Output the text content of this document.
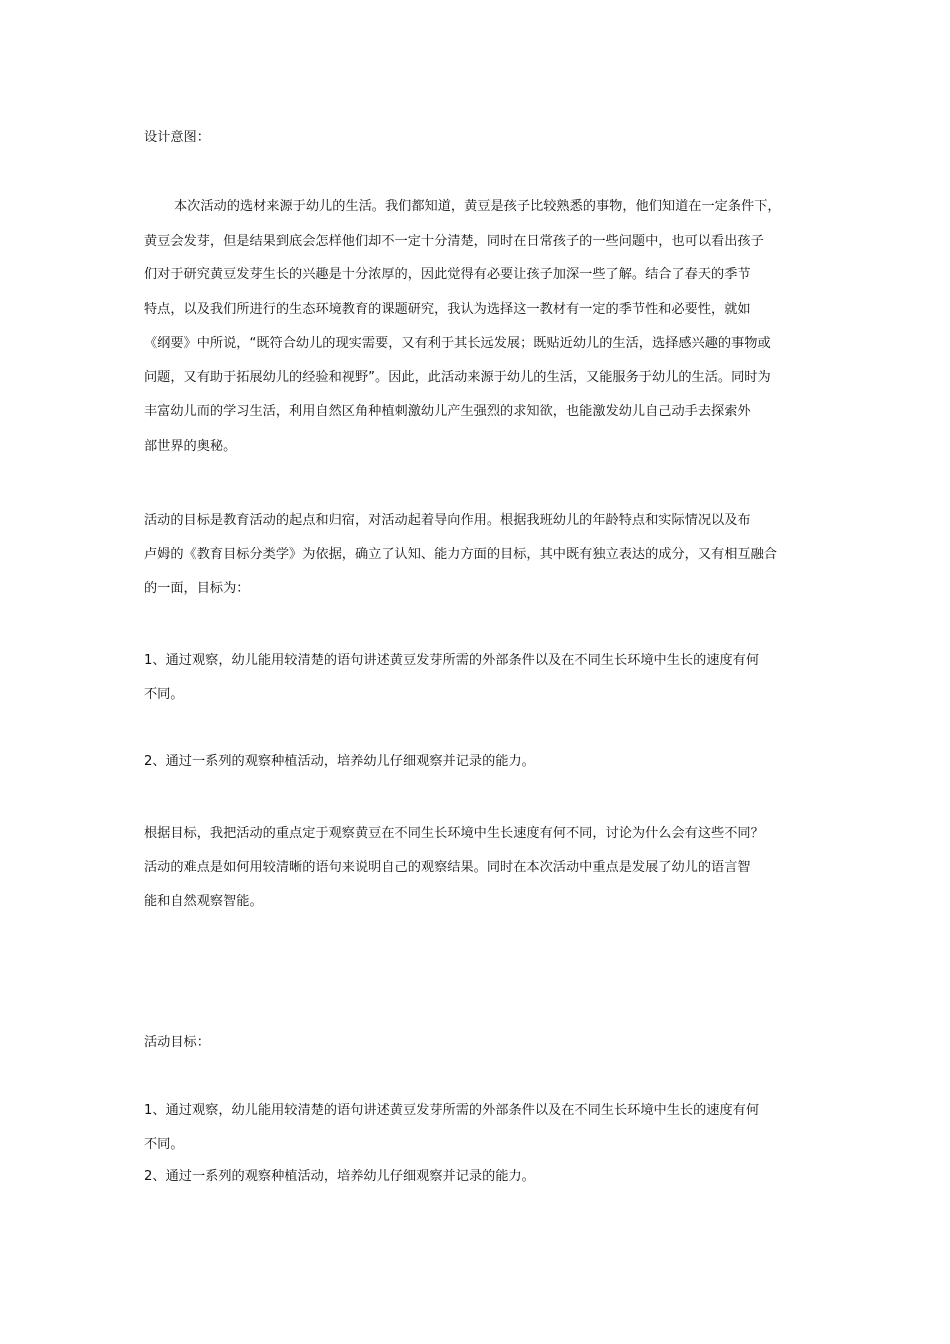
设计意图：

本次活动的选材来源于幼儿的生活。我们都知道，黄豆是孩子比较熟悉的事物，他们知道在一定条件下，

黄豆会发芽，但是结果到底会怎样他们却不一定十分清楚，同时在日常孩子的一些问题中，也可以看出孩子

们对于研究黄豆发芽生长的兴趣是十分浓厚的，因此觉得有必要让孩子加深一些了解。结合了春天的季节

特点，以及我们所进行的生态环境教育的课题研究，我认为选择这一教材有一定的季节性和必要性，就如

《纲要》中所说，“既符合幼儿的现实需要，又有利于其长远发展；既贴近幼儿的生活，选择感兴趣的事物或

问题，又有助于拓展幼儿的经验和视野”。因此，此活动来源于幼儿的生活，又能服务于幼儿的生活。同时为

丰富幼儿而的学习生活，利用自然区角种植刺激幼儿产生强烈的求知欲，也能激发幼儿自己动手去探索外

部世界的奥秘。

活动的目标是教育活动的起点和归宿，对活动起着导向作用。根据我班幼儿的年龄特点和实际情况以及布

卢姆的《教育目标分类学》为依据，确立了认知、能力方面的目标，其中既有独立表达的成分，又有相互融合

的一面，目标为：

1、通过观察，幼儿能用较清楚的语句讲述黄豆发芽所需的外部条件以及在不同生长环境中生长的速度有何

不同。

2、通过一系列的观察种植活动，培养幼儿仔细观察并记录的能力。

根据目标，我把活动的重点定于观察黄豆在不同生长环境中生长速度有何不同，讨论为什么会有这些不同？

活动的难点是如何用较清晰的语句来说明自己的观察结果。同时在本次活动中重点是发展了幼儿的语言智

能和自然观察智能。

活动目标：

1、通过观察，幼儿能用较清楚的语句讲述黄豆发芽所需的外部条件以及在不同生长环境中生长的速度有何

不同。

2、通过一系列的观察种植活动，培养幼儿仔细观察并记录的能力。
